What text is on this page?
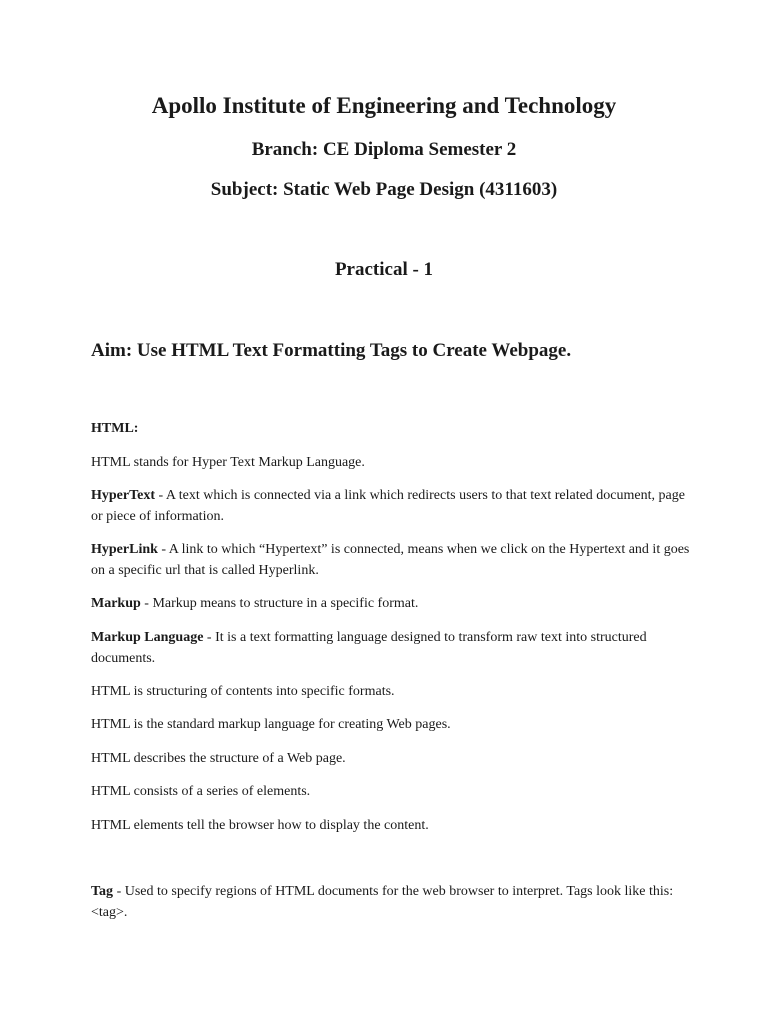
Apollo Institute of Engineering and Technology
Branch: CE Diploma Semester 2
Subject: Static Web Page Design (4311603)
Practical - 1
Aim: Use HTML Text Formatting Tags to Create Webpage.
HTML:
HTML stands for Hyper Text Markup Language.
HyperText - A text which is connected via a link which redirects users to that text related document, page or piece of information.
HyperLink - A link to which “Hypertext” is connected, means when we click on the Hypertext and it goes on a specific url that is called Hyperlink.
Markup - Markup means to structure in a specific format.
Markup Language - It is a text formatting language designed to transform raw text into structured documents.
HTML is structuring of contents into specific formats.
HTML is the standard markup language for creating Web pages.
HTML describes the structure of a Web page.
HTML consists of a series of elements.
HTML elements tell the browser how to display the content.
Tag - Used to specify regions of HTML documents for the web browser to interpret. Tags look like this: <tag>.
